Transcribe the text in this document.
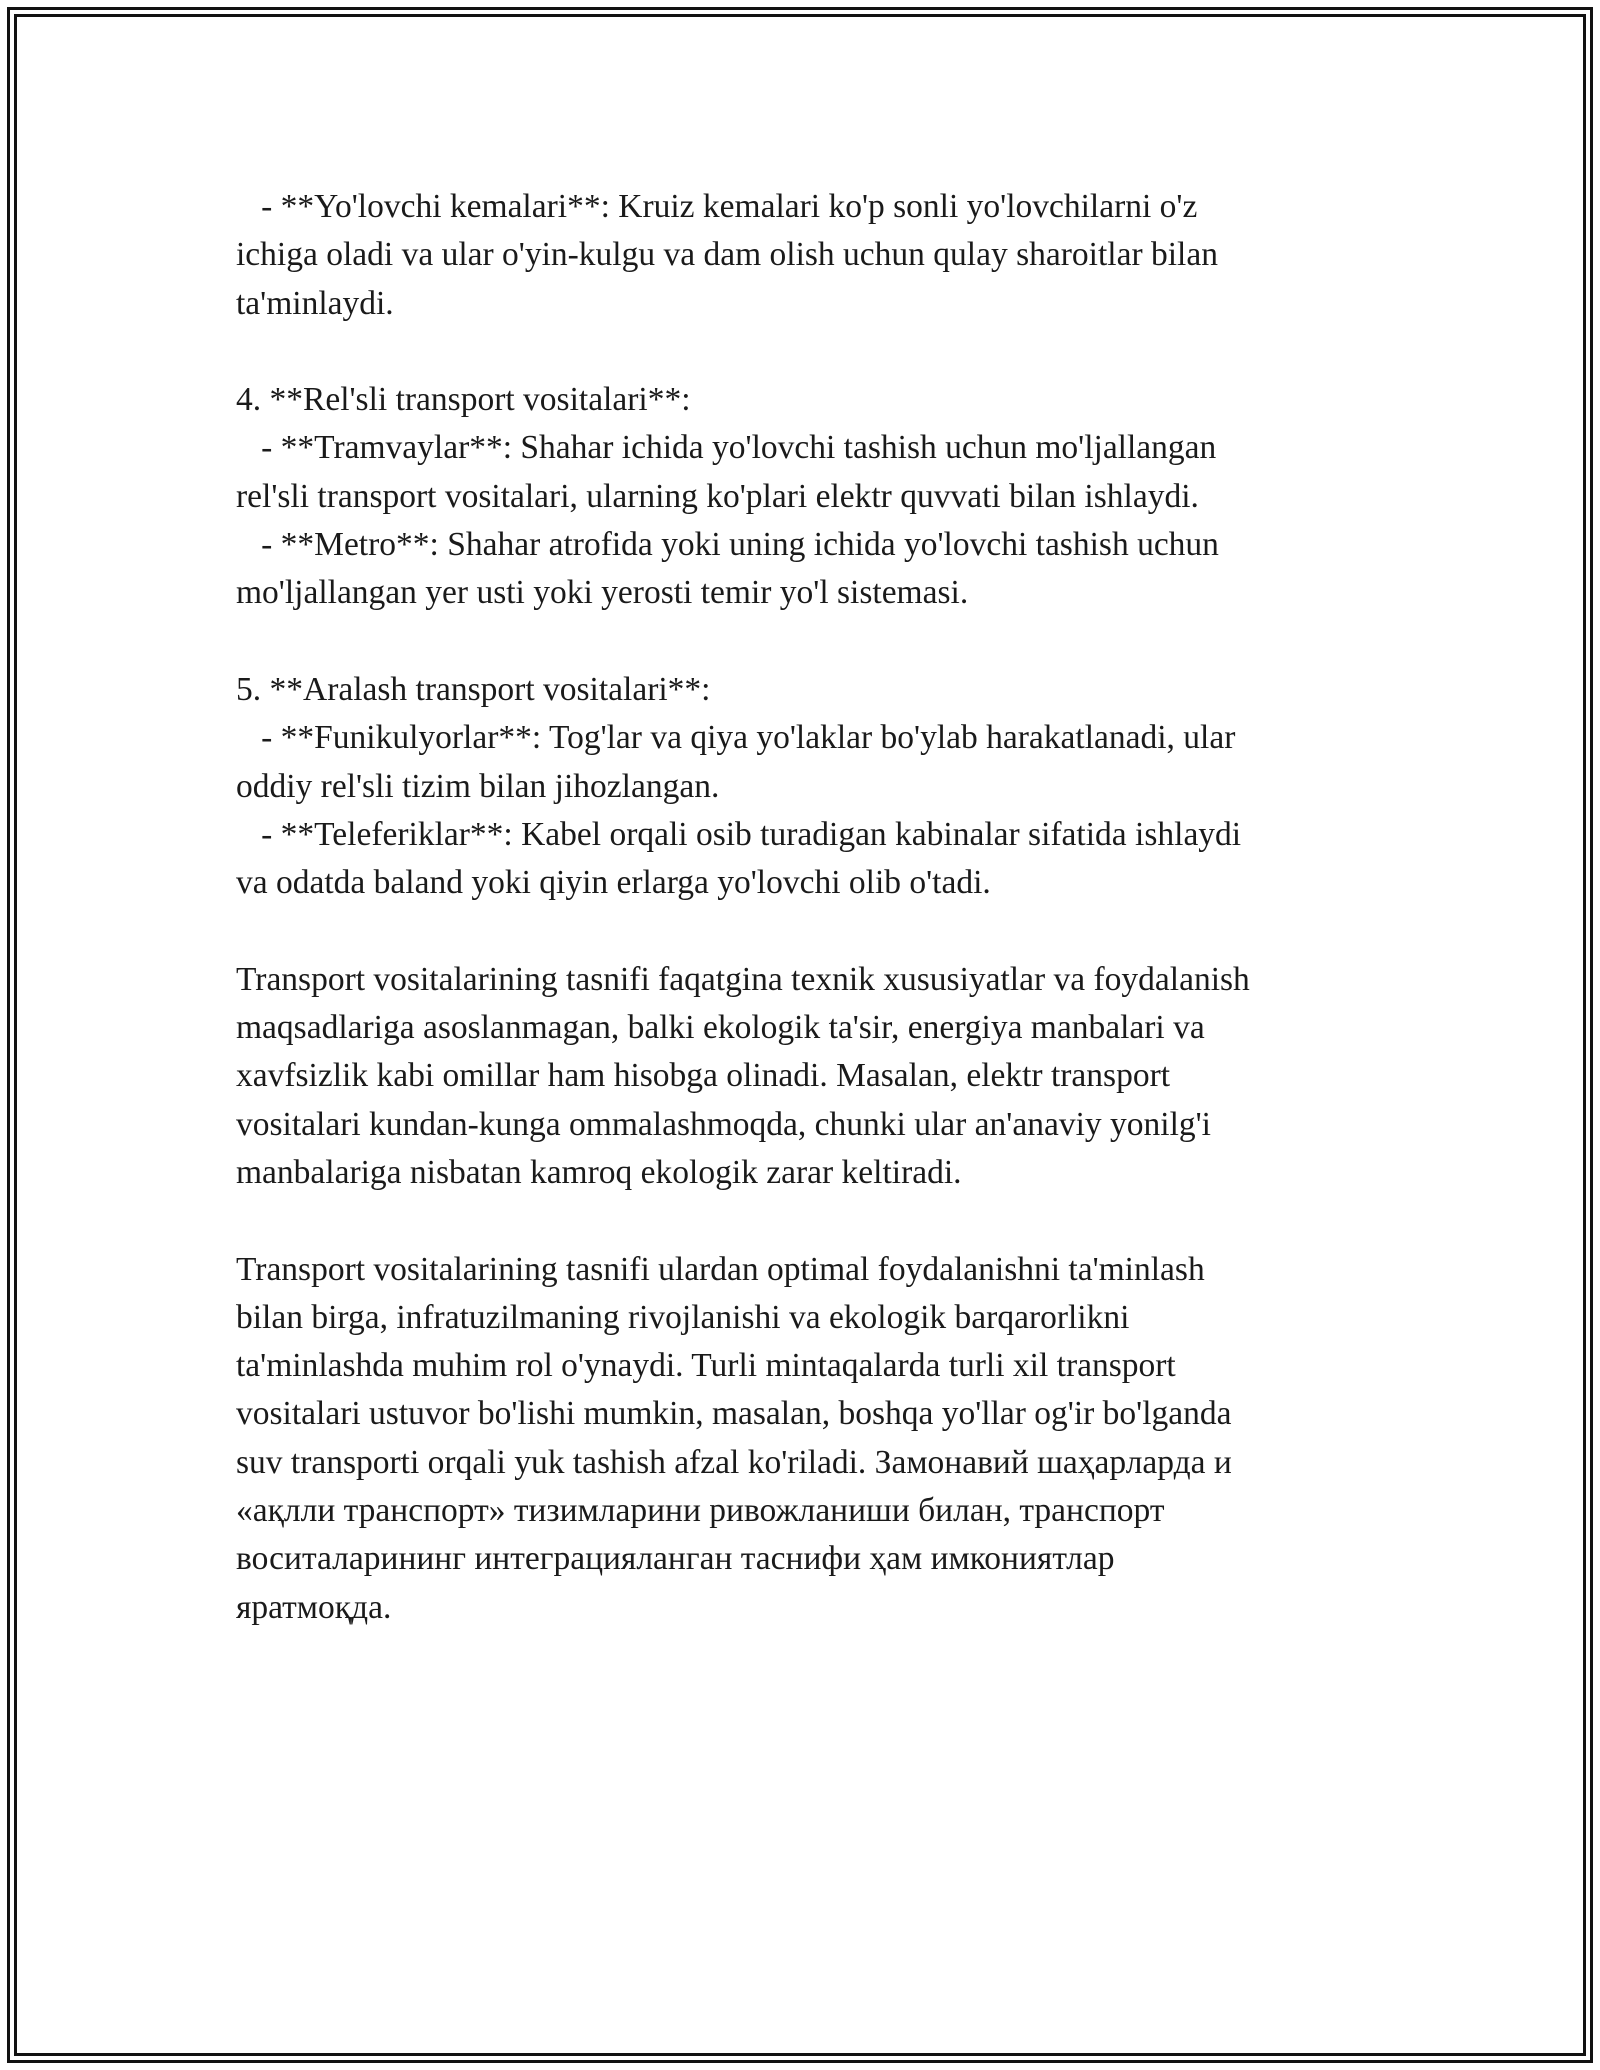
- **Yo'lovchi kemalari**: Kruiz kemalari ko'p sonli yo'lovchilarni o'z
ichiga oladi va ular o'yin-kulgu va dam olish uchun qulay sharoitlar bilan
ta'minlaydi.
4. **Rel'sli transport vositalari**:
- **Tramvaylar**: Shahar ichida yo'lovchi tashish uchun mo'ljallangan
rel'sli transport vositalari, ularning ko'plari elektr quvvati bilan ishlaydi.
- **Metro**: Shahar atrofida yoki uning ichida yo'lovchi tashish uchun
mo'ljallangan yer usti yoki yerosti temir yo'l sistemasi.
5. **Aralash transport vositalari**:
- **Funikulyorlar**: Tog'lar va qiya yo'laklar bo'ylab harakatlanadi, ular
oddiy rel'sli tizim bilan jihozlangan.
- **Teleferiklar**: Kabel orqali osib turadigan kabinalar sifatida ishlaydi
va odatda baland yoki qiyin erlarga yo'lovchi olib o'tadi.
Transport vositalarining tasnifi faqatgina texnik xususiyatlar va foydalanish
maqsadlariga asoslanmagan, balki ekologik ta'sir, energiya manbalari va
xavfsizlik kabi omillar ham hisobga olinadi. Masalan, elektr transport
vositalari kundan-kunga ommalashmoqda, chunki ular an'anaviy yonilg'i
manbalariga nisbatan kamroq ekologik zarar keltiradi.
Transport vositalarining tasnifi ulardan optimal foydalanishni ta'minlash
bilan birga, infratuzilmaning rivojlanishi va ekologik barqarorlikni
ta'minlashda muhim rol o'ynaydi. Turli mintaqalarda turli xil transport
vositalari ustuvor bo'lishi mumkin, masalan, boshqa yo'llar og'ir bo'lganda
suv transporti orqali yuk tashish afzal ko'riladi. Замонавий шаҳарларда и
«ақлли транспорт» тизимларини ривожланиши билан, транспорт
воситаларининг интеграцияланган таснифи ҳам имкониятлар
яратмоқда.
